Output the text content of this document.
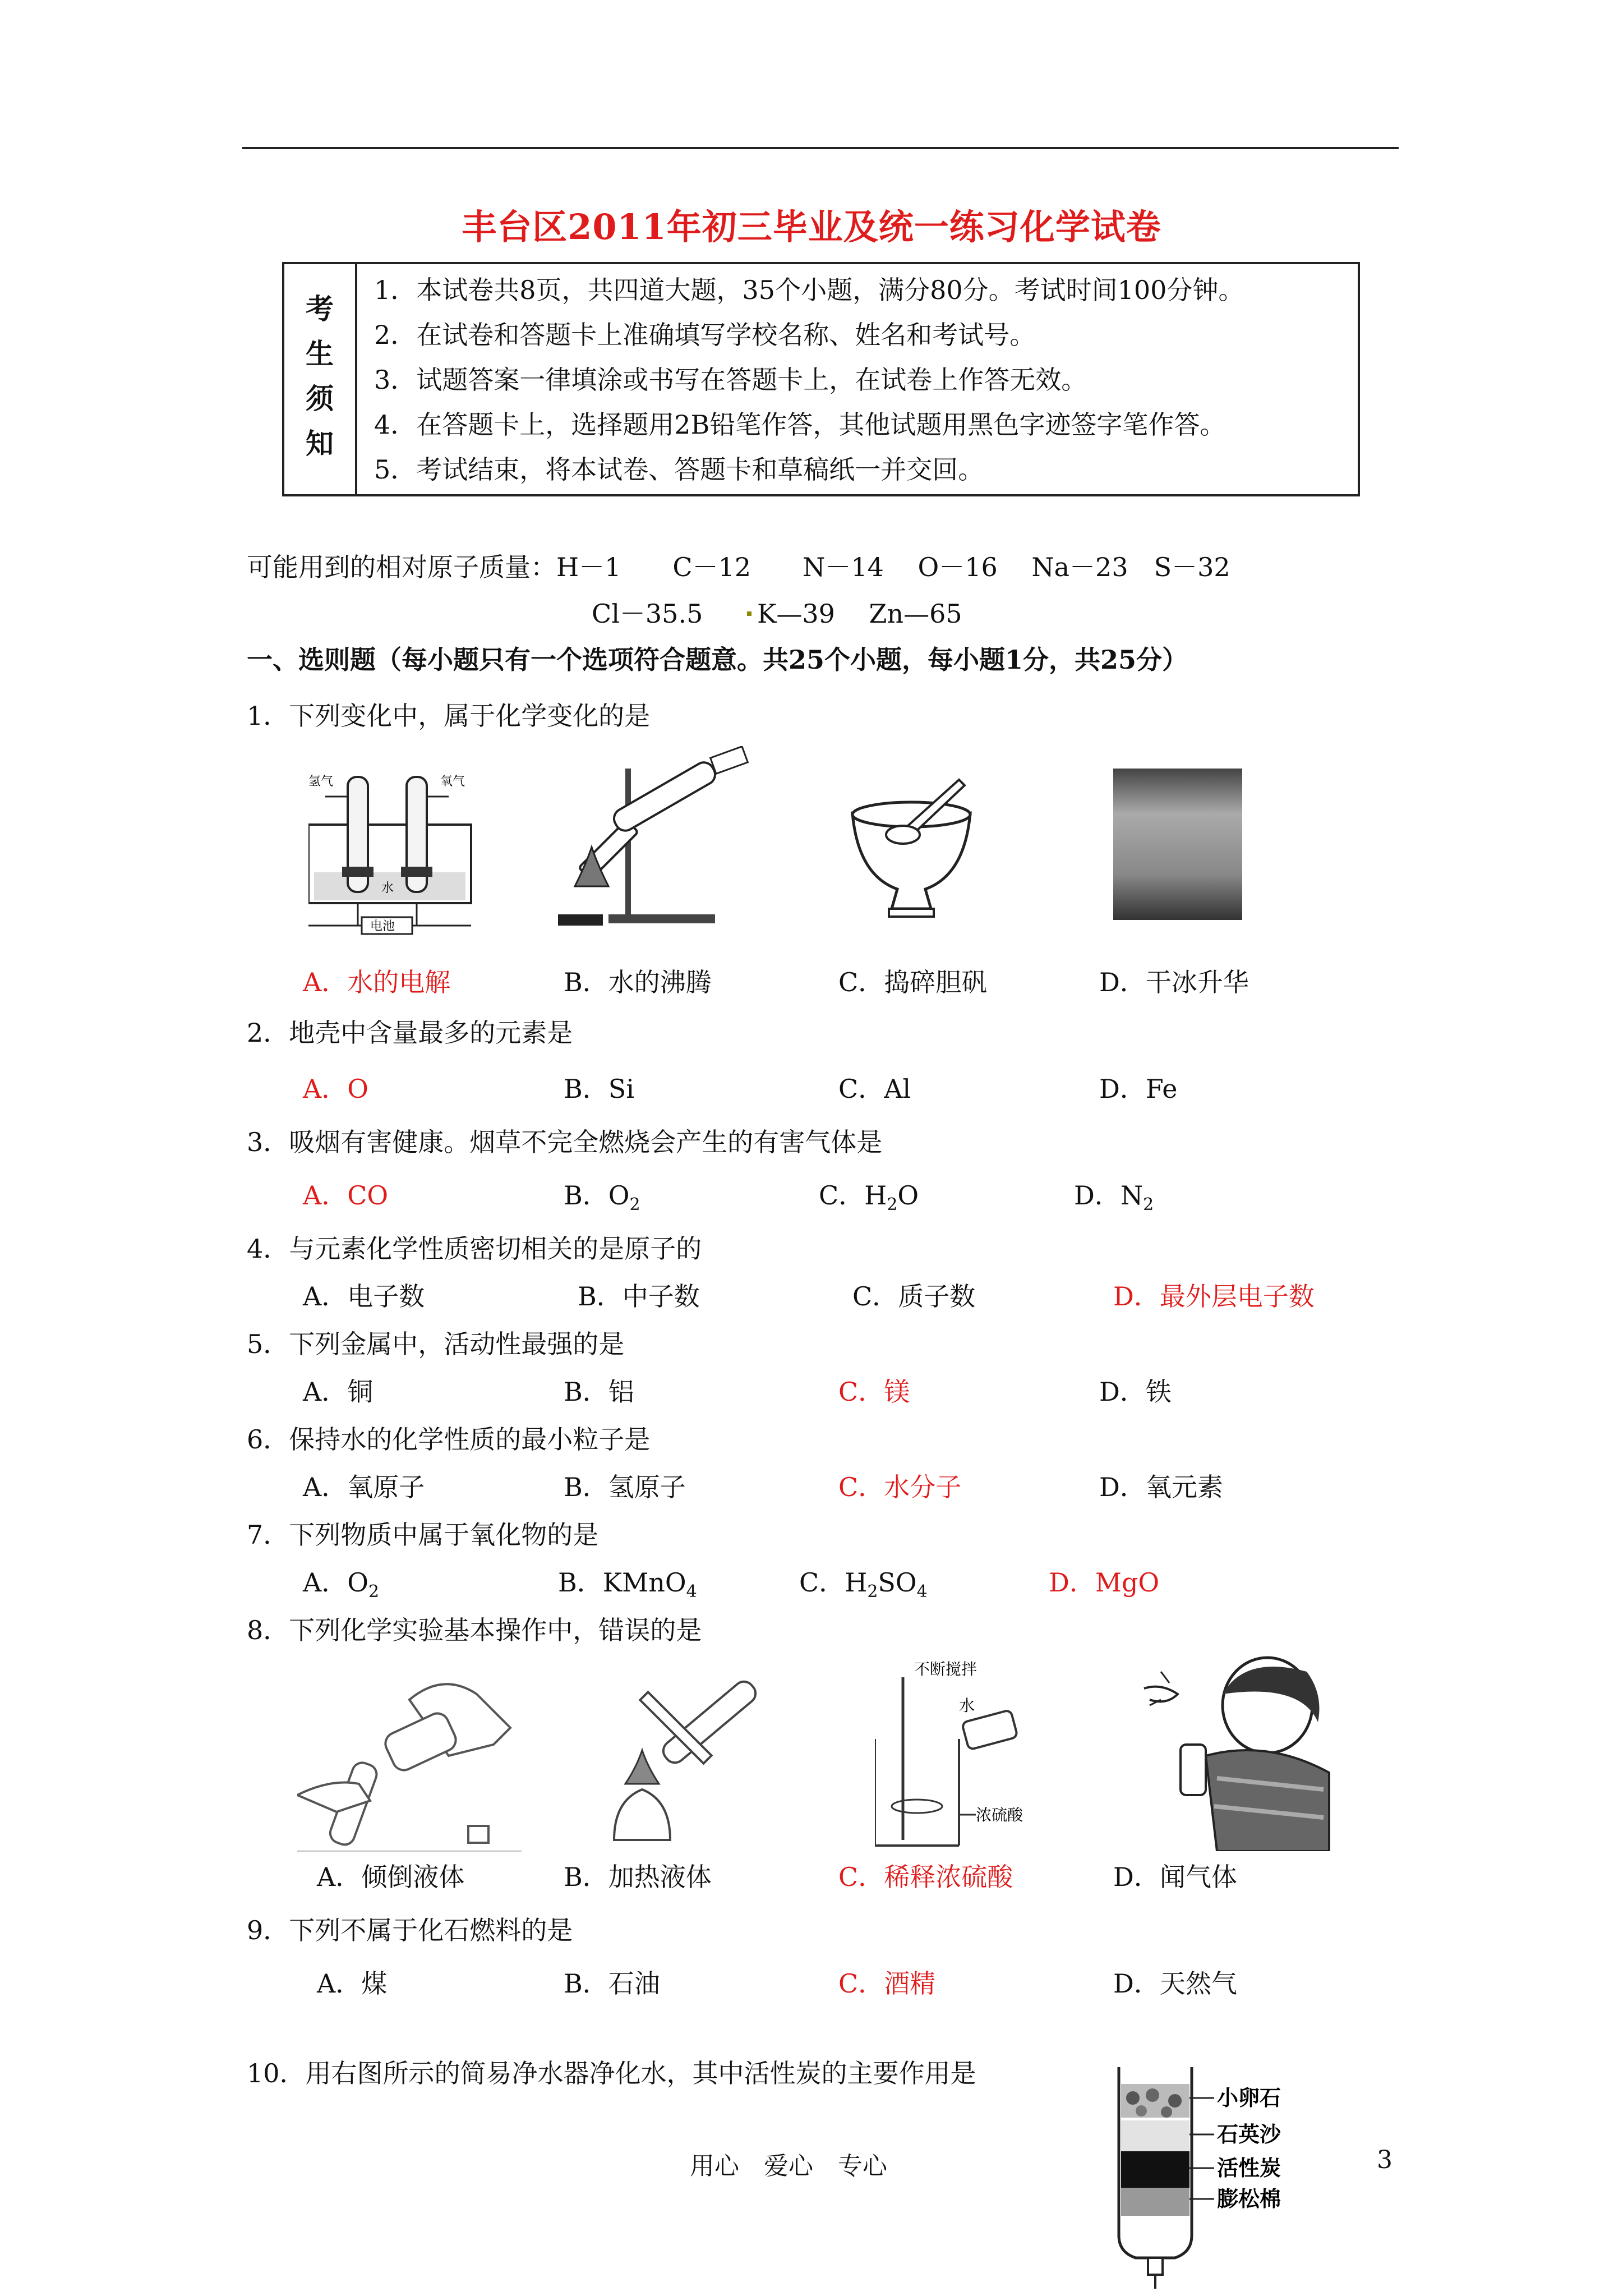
丰台区2011年初三毕业及统一练习化学试卷
考
生
须
知
1．本试卷共8页，共四道大题，35个小题，满分80分。考试时间100分钟。
2．在试卷和答题卡上准确填写学校名称、姓名和考试号。
3．试题答案一律填涂或书写在答题卡上，在试卷上作答无效。
4．在答题卡上，选择题用2B铅笔作答，其他试题用黑色字迹签字笔作答。
5．考试结束，将本试卷、答题卡和草稿纸一并交回。
可能用到的相对原子质量：H－1　　C－12　　N－14　 O－16　 Na－23　S－32
Cl－35.5 K—39　 Zn—65
一、选则题（每小题只有一个选项符合题意。共25个小题，每小题1分，共25分）
1．下列变化中，属于化学变化的是
氢气	氧气
水
电池
A．水的电解	B．水的沸腾	C．捣碎胆矾	D．干冰升华
2．地壳中含量最多的元素是
A．O	B．Si	C．Al	D．Fe
3．吸烟有害健康。烟草不完全燃烧会产生的有害气体是
A．CO	B．$O_2$	C．$H_2O$	D．$N_2$
4．与元素化学性质密切相关的是原子的
A．电子数	B．中子数	C．质子数	D．最外层电子数
5．下列金属中，活动性最强的是
A．铜	B．铝	C．镁	D．铁
6．保持水的化学性质的最小粒子是
A．氧原子	B．氢原子	C．水分子	D．氧元素
7．下列物质中属于氧化物的是
A．$O_2$	B．KMnO$_4$	C．$H_2SO_4$	D．MgO
8．下列化学实验基本操作中，错误的是
不断搅拌
水
浓硫酸
A．倾倒液体	B．加热液体	C．稀释浓硫酸	D．闻气体
9．下列不属于化石燃料的是
A．煤	B．石油	C．酒精	D．天然气
10．用右图所示的简易净水器净化水，其中活性炭的主要作用是
小卵石
石英沙
活性炭
膨松棉
用心　爱心　专心	3
